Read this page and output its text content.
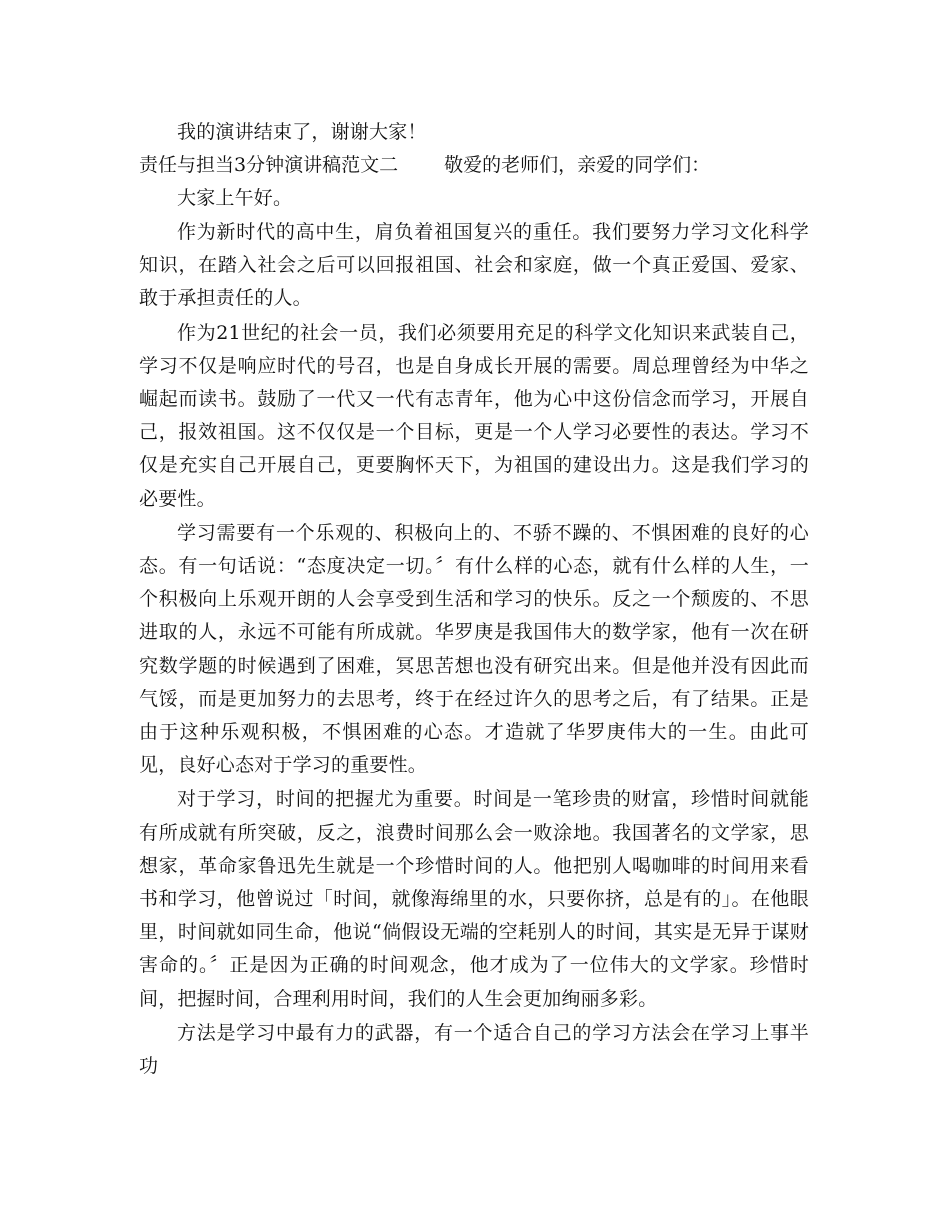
我的演讲结束了，谢谢大家！
责任与担当3分钟演讲稿范文二 敬爱的老师们，亲爱的同学们：
大家上午好。

作为新时代的高中生，肩负着祖国复兴的重任。我们要努力学习文化科学知识，在踏入社会之后可以回报祖国、社会和家庭，做一个真正爱国、爱家、敢于承担责任的人。

作为21世纪的社会一员，我们必须要用充足的科学文化知识来武装自己，学习不仅是响应时代的号召，也是自身成长开展的需要。周总理曾经为中华之崛起而读书。鼓励了一代又一代有志青年，他为心中这份信念而学习，开展自己，报效祖国。这不仅仅是一个目标，更是一个人学习必要性的表达。学习不仅是充实自己开展自己，更要胸怀天下，为祖国的建设出力。这是我们学习的必要性。

学习需要有一个乐观的、积极向上的、不骄不躁的、不惧困难的良好的心态。有一句话说：“态度决定一切。〞有什么样的心态，就有什么样的人生，一个积极向上乐观开朗的人会享受到生活和学习的快乐。反之一个颓废的、不思进取的人，永远不可能有所成就。华罗庚是我国伟大的数学家，他有一次在研究数学题的时候遇到了困难，冥思苦想也没有研究出来。但是他并没有因此而气馁，而是更加努力的去思考，终于在经过许久的思考之后，有了结果。正是由于这种乐观积极，不惧困难的心态。才造就了华罗庚伟大的一生。由此可见，良好心态对于学习的重要性。

对于学习，时间的把握尤为重要。时间是一笔珍贵的财富，珍惜时间就能有所成就有所突破，反之，浪费时间那么会一败涂地。我国著名的文学家，思想家，革命家鲁迅先生就是一个珍惜时间的人。他把别人喝咖啡的时间用来看书和学习，他曾说过「时间，就像海绵里的水，只要你挤，总是有的」。在他眼里，时间就如同生命，他说“倘假设无端的空耗别人的时间，其实是无异于谋财害命的。〞正是因为正确的时间观念，他才成为了一位伟大的文学家。珍惜时间，把握时间，合理利用时间，我们的人生会更加绚丽多彩。

方法是学习中最有力的武器，有一个适合自己的学习方法会在学习上事半功
